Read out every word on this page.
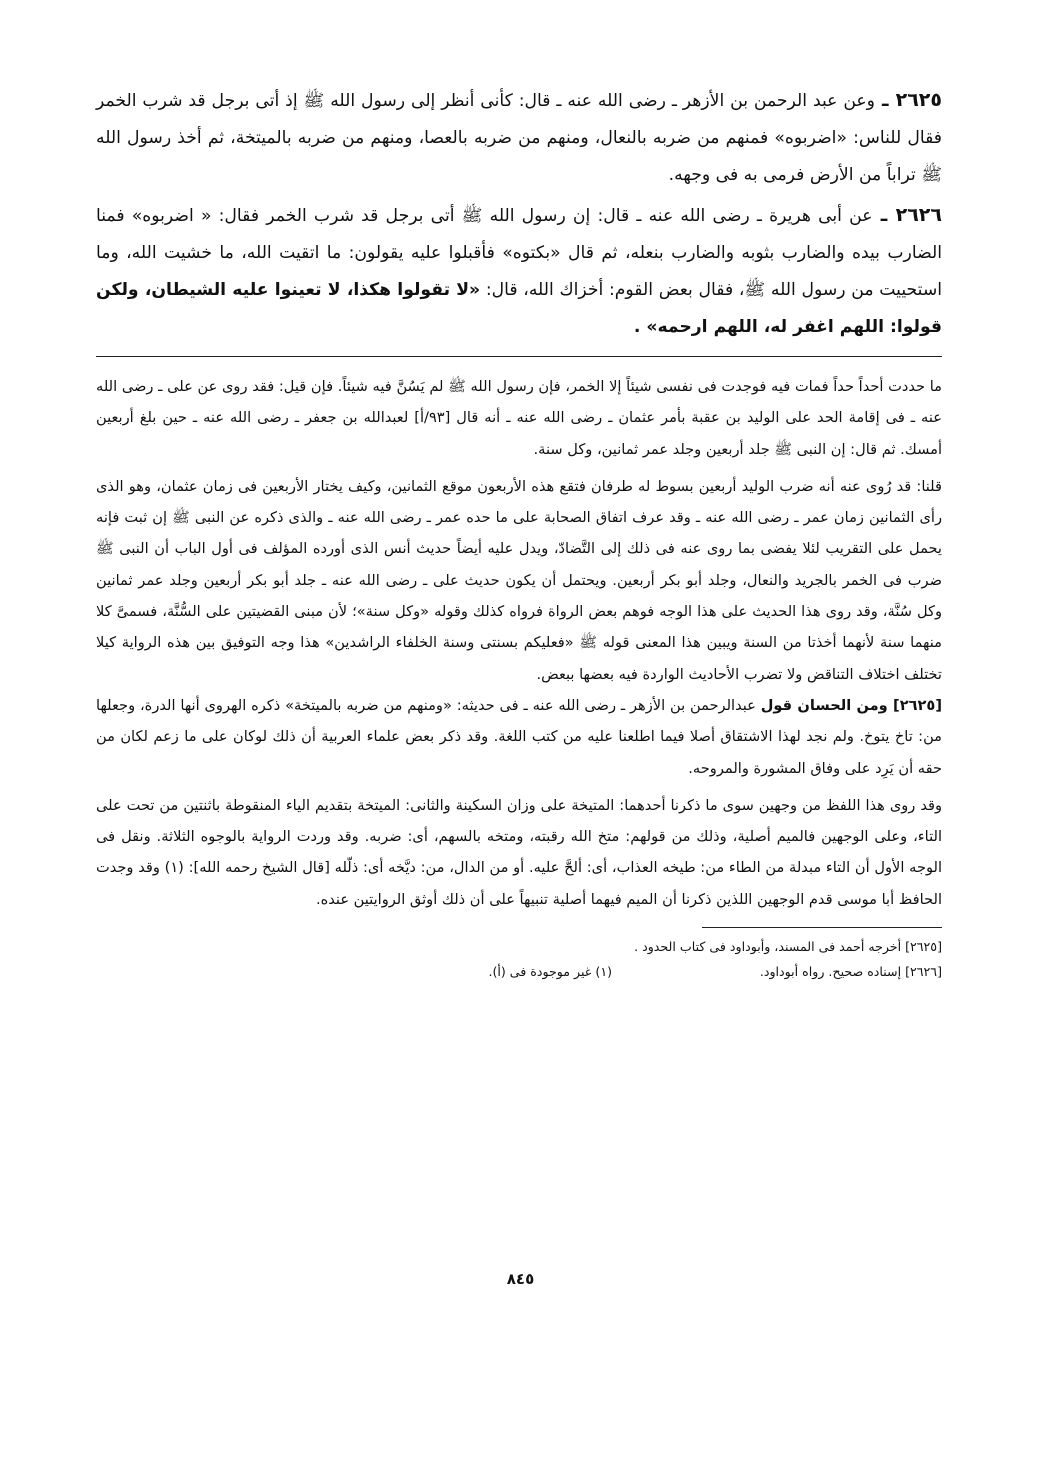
٢٦٢٥ ـ وعن عبد الرحمن بن الأزهر ـ رضى الله عنه ـ قال: كأنى أنظر إلى رسول الله ﷺ إذ أتى برجل قد شرب الخمر فقال للناس: «اضربوه» فمنهم من ضربه بالنعال، ومنهم من ضربه بالعصا، ومنهم من ضربه بالميتخة، ثم أخذ رسول الله ﷺ تراباً من الأرض فرمى به فى وجهه.

٢٦٢٦ ـ عن أبى هريرة ـ رضى الله عنه ـ قال: إن رسول الله ﷺ أتى برجل قد شرب الخمر فقال: « اضربوه» فمنا الضارب بيده والضارب بثوبه والضارب بنعله، ثم قال «بكتوه» فأقبلوا عليه يقولون: ما اتقيت الله، ما خشيت الله، وما استحييت من رسول الله ﷺ، فقال بعض القوم: أخزاك الله، قال: «لا تقولوا هكذا، لا تعينوا عليه الشيطان، ولكن قولوا: اللهم اغفر له، اللهم ارحمه» .

ما حددت أحداً حداً فمات فيه فوجدت فى نفسى شيئاً إلا الخمر، فإن رسول الله ﷺ لم يَسُنَّ فيه شيئاً. فإن قيل: فقد روى عن على ـ رضى الله عنه ـ فى إقامة الحد على الوليد بن عقبة بأمر عثمان ـ رضى الله عنه ـ أنه قال [٩٣/أ] لعبدالله بن جعفر ـ رضى الله عنه ـ حين بلغ أربعين أمسك. ثم قال: إن النبى ﷺ جلد أربعين وجلد عمر ثمانين، وكل سنة.

قلنا: قد رُوى عنه أنه ضرب الوليد أربعين بسوط له طرفان فتقع هذه الأربعون موقع الثمانين، وكيف يختار الأربعين فى زمان عثمان، وهو الذى رأى الثمانين زمان عمر ـ رضى الله عنه ـ وقد عرف اتفاق الصحابة على ما حده عمر ـ رضى الله عنه ـ والذى ذكره عن النبى ﷺ إن ثبت فإنه يحمل على التقريب لئلا يفضى بما روى عنه فى ذلك إلى التَّضادّ، ويدل عليه أيضاً حديث أنس الذى أورده المؤلف فى أول الباب أن النبى ﷺ ضرب فى الخمر بالجريد والنعال، وجلد أبو بكر أربعين. ويحتمل أن يكون حديث على ـ رضى الله عنه ـ جلد أبو بكر أربعين وجلد عمر ثمانين وكل سُنَّة، وقد روى هذا الحديث على هذا الوجه فوهم بعض الرواة فرواه كذلك وقوله «وكل سنة»؛ لأن مبنى القضيتين على السُّنَّة، فسمىَّ كلا منهما سنة لأنهما أخذتا من السنة ويبين هذا المعنى قوله ﷺ «فعليكم بسنتى وسنة الخلفاء الراشدين» هذا وجه التوفيق بين هذه الرواية كيلا تختلف اختلاف التناقض ولا تضرب الأحاديث الواردة فيه بعضها ببعض.

[٢٦٢٥] ومن الحسان قول عبدالرحمن بن الأزهر ـ رضى الله عنه ـ فى حديثه: «ومنهم من ضربه بالميتخة» ذكره الهروى أنها الدرة، وجعلها من: تاخ يتوخ. ولم نجد لهذا الاشتقاق أصلا فيما اطلعنا عليه من كتب اللغة. وقد ذكر بعض علماء العربية أن ذلك لوكان على ما زعم لكان من حقه أن يَرِد على وفاق المشورة والمروحه.

وقد روى هذا اللفظ من وجهين سوى ما ذكرنا أحدهما: المتيخة على وزان السكينة والثانى: الميتخة بتقديم الياء المنقوطة باثنتين من تحت على التاء، وعلى الوجهين فالميم أصلية، وذلك من قولهم: متخ الله رقبته، ومتخه بالسهم، أى: ضربه. وقد وردت الرواية بالوجوه الثلاثة. ونقل فى الوجه الأول أن التاء مبدلة من الطاء من: طيخه العذاب، أى: ألحَّ عليه. أو من الدال، من: ديَّخه أى: ذلّله [قال الشيخ رحمه الله]: (١) وقد وجدت الحافظ أبا موسى قدم الوجهين اللذين ذكرنا أن الميم فيهما أصلية تنبيهاً على أن ذلك أوثق الروايتين عنده.

[٢٦٢٥] أخرجه أحمد فى المسند، وأبوداود فى كتاب الحدود .
[٢٦٢٦] إسناده صحيح. رواه أبوداود.
(١) غير موجودة فى (أ).
٨٤٥
